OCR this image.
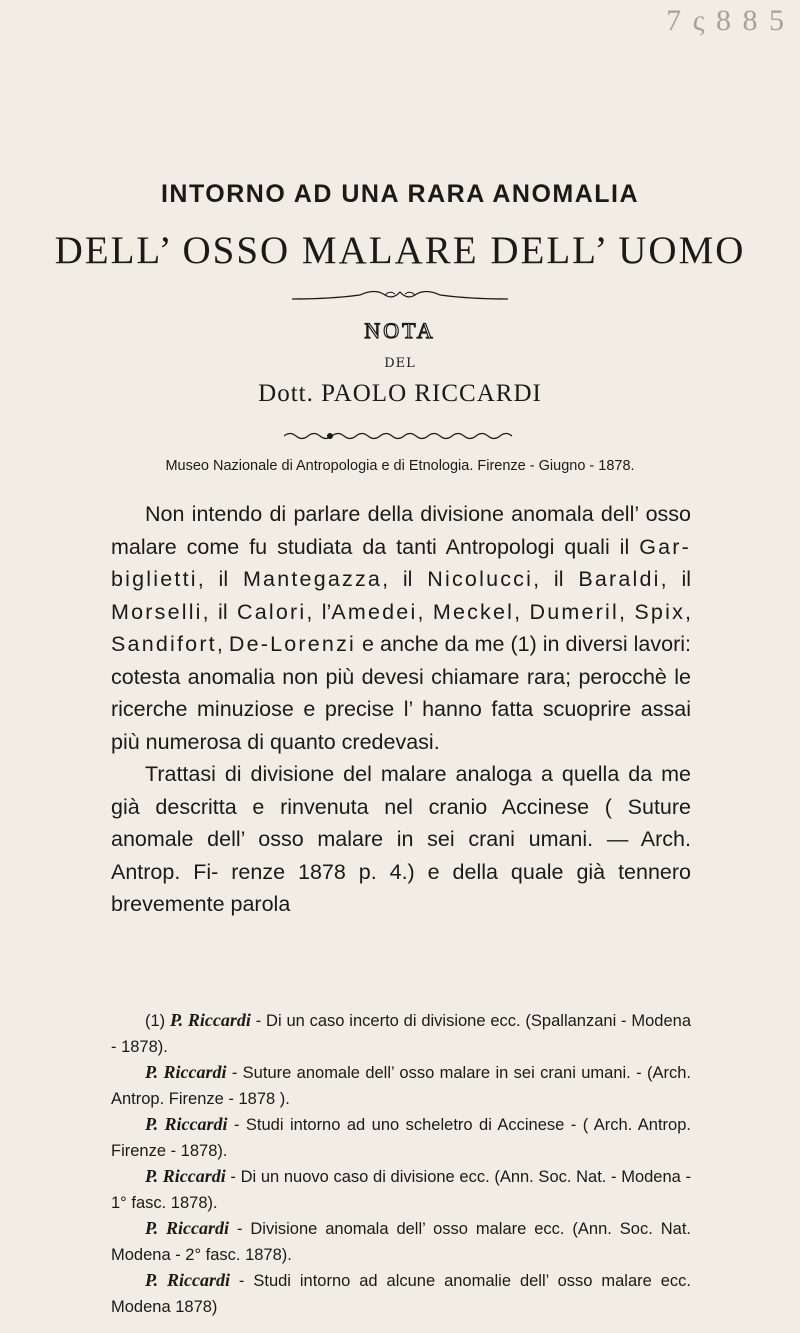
7 ς 8 8 5
INTORNO AD UNA RARA ANOMALIA
DELL’ OSSO MALARE DELL’ UOMO
NOTA
DEL
Dott. PAOLO RICCARDI
Museo Nazionale di Antropologia e di Etnologia. Firenze - Giugno - 1878.

Non intendo di parlare della divisione anomala dell’ osso malare come fu studiata da tanti Antropologi quali il Gar- biglietti, il Mantegazza, il Nicolucci, il Baraldi, il Morselli, il Calori, l’Amedei, Meckel, Dumeril, Spix, Sandifort, De-Lorenzi e anche da me (1) in diversi lavori: cotesta anomalia non più devesi chiamare rara; perocchè le ricerche minuziose e precise l’ hanno fatta scuoprire assai più numerosa di quanto credevasi.

Trattasi di divisione del malare analoga a quella da me già descritta e rinvenuta nel cranio Accinese ( Suture anomale dell’ osso malare in sei crani umani. — Arch. Antrop. Fi- renze 1878 p. 4.) e della quale già tennero brevemente parola

(1) P. Riccardi - Di un caso incerto di divisione ecc. (Spallanzani - Modena - 1878).

P. Riccardi - Suture anomale dell’ osso malare in sei crani umani. - (Arch. Antrop. Firenze - 1878 ).

P. Riccardi - Studi intorno ad uno scheletro di Accinese - ( Arch. Antrop. Firenze - 1878).

P. Riccardi - Di un nuovo caso di divisione ecc. (Ann. Soc. Nat. - Modena - 1° fasc. 1878).

P. Riccardi - Divisione anomala dell’ osso malare ecc. (Ann. Soc. Nat. Modena - 2° fasc. 1878).

P. Riccardi - Studi intorno ad alcune anomalie dell’ osso malare ecc. Modena 1878)
